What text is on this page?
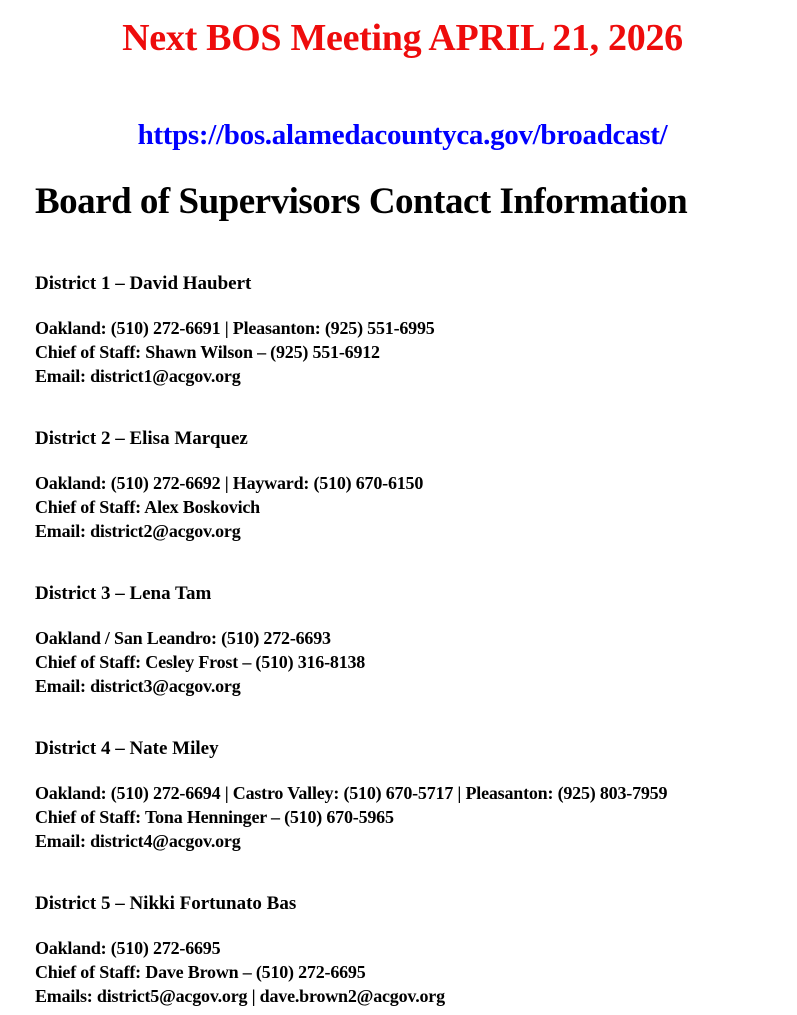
Next BOS Meeting APRIL 21, 2026
https://bos.alamedacountyca.gov/broadcast/
Board of Supervisors Contact Information
District 1 – David Haubert

Oakland: (510) 272-6691 | Pleasanton: (925) 551-6995
Chief of Staff: Shawn Wilson – (925) 551-6912
Email: district1@acgov.org

District 2 – Elisa Marquez

Oakland: (510) 272-6692 | Hayward: (510) 670-6150
Chief of Staff: Alex Boskovich
Email: district2@acgov.org

District 3 – Lena Tam

Oakland / San Leandro: (510) 272-6693
Chief of Staff: Cesley Frost – (510) 316-8138
Email: district3@acgov.org

District 4 – Nate Miley

Oakland: (510) 272-6694 | Castro Valley: (510) 670-5717 | Pleasanton: (925) 803-7959
Chief of Staff: Tona Henninger – (510) 670-5965
Email: district4@acgov.org

District 5 – Nikki Fortunato Bas

Oakland: (510) 272-6695
Chief of Staff: Dave Brown – (510) 272-6695
Emails: district5@acgov.org | dave.brown2@acgov.org
